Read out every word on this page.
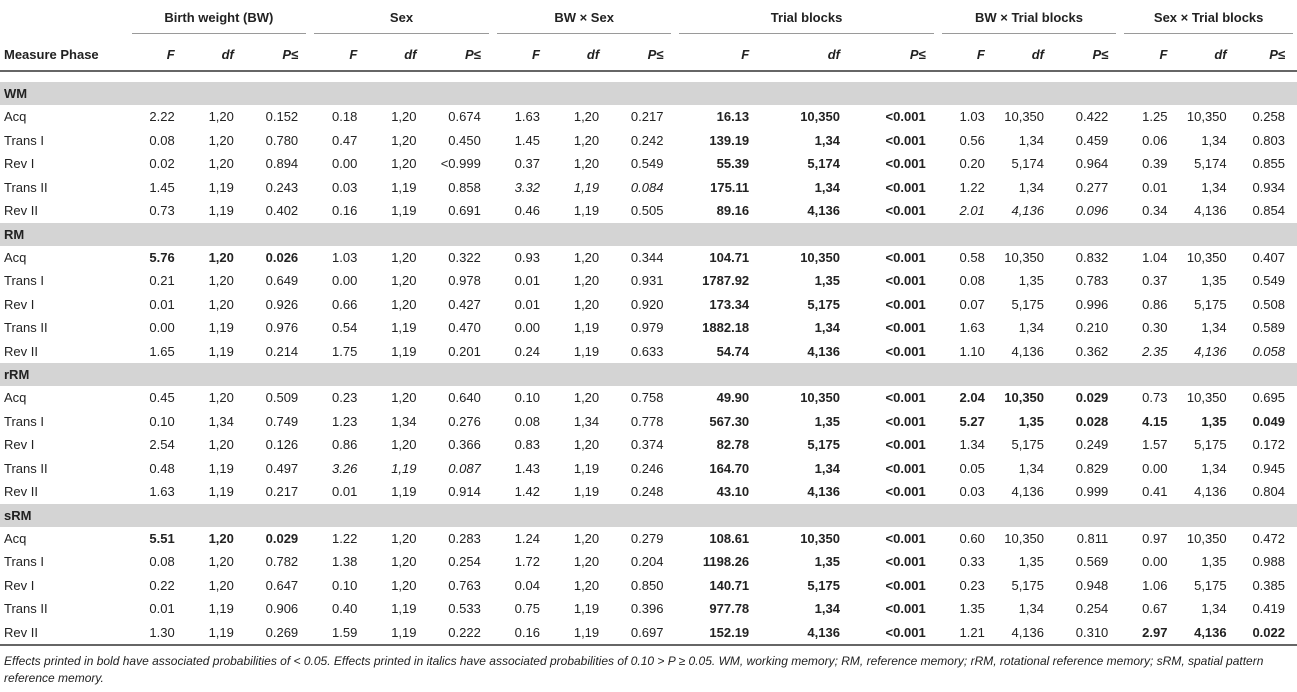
	Birth weight (BW)			Sex			BW × Sex			Trial blocks			BW × Trial blocks			Sex × Trial blocks		

Measure Phase	F	df	P≤	F	df	P≤	F	df	P≤	F	df	P≤	F	df	P≤	F	df	P≤

WM																		
Acq	2.22	1,20	0.152	0.18	1,20	0.674	1.63	1,20	0.217	16.13	10,350	<0.001	1.03	10,350	0.422	1.25	10,350	0.258
Trans I	0.08	1,20	0.780	0.47	1,20	0.450	1.45	1,20	0.242	139.19	1,34	<0.001	0.56	1,34	0.459	0.06	1,34	0.803
Rev I	0.02	1,20	0.894	0.00	1,20	<0.999	0.37	1,20	0.549	55.39	5,174	<0.001	0.20	5,174	0.964	0.39	5,174	0.855
Trans II	1.45	1,19	0.243	0.03	1,19	0.858	3.32	1,19	0.084	175.11	1,34	<0.001	1.22	1,34	0.277	0.01	1,34	0.934
Rev II	0.73	1,19	0.402	0.16	1,19	0.691	0.46	1,19	0.505	89.16	4,136	<0.001	2.01	4,136	0.096	0.34	4,136	0.854
RM																		
Acq	5.76	1,20	0.026	1.03	1,20	0.322	0.93	1,20	0.344	104.71	10,350	<0.001	0.58	10,350	0.832	1.04	10,350	0.407
Trans I	0.21	1,20	0.649	0.00	1,20	0.978	0.01	1,20	0.931	1787.92	1,35	<0.001	0.08	1,35	0.783	0.37	1,35	0.549
Rev I	0.01	1,20	0.926	0.66	1,20	0.427	0.01	1,20	0.920	173.34	5,175	<0.001	0.07	5,175	0.996	0.86	5,175	0.508
Trans II	0.00	1,19	0.976	0.54	1,19	0.470	0.00	1,19	0.979	1882.18	1,34	<0.001	1.63	1,34	0.210	0.30	1,34	0.589
Rev II	1.65	1,19	0.214	1.75	1,19	0.201	0.24	1,19	0.633	54.74	4,136	<0.001	1.10	4,136	0.362	2.35	4,136	0.058
rRM																		
Acq	0.45	1,20	0.509	0.23	1,20	0.640	0.10	1,20	0.758	49.90	10,350	<0.001	2.04	10,350	0.029	0.73	10,350	0.695
Trans I	0.10	1,34	0.749	1.23	1,34	0.276	0.08	1,34	0.778	567.30	1,35	<0.001	5.27	1,35	0.028	4.15	1,35	0.049
Rev I	2.54	1,20	0.126	0.86	1,20	0.366	0.83	1,20	0.374	82.78	5,175	<0.001	1.34	5,175	0.249	1.57	5,175	0.172
Trans II	0.48	1,19	0.497	3.26	1,19	0.087	1.43	1,19	0.246	164.70	1,34	<0.001	0.05	1,34	0.829	0.00	1,34	0.945
Rev II	1.63	1,19	0.217	0.01	1,19	0.914	1.42	1,19	0.248	43.10	4,136	<0.001	0.03	4,136	0.999	0.41	4,136	0.804
sRM																		
Acq	5.51	1,20	0.029	1.22	1,20	0.283	1.24	1,20	0.279	108.61	10,350	<0.001	0.60	10,350	0.811	0.97	10,350	0.472
Trans I	0.08	1,20	0.782	1.38	1,20	0.254	1.72	1,20	0.204	1198.26	1,35	<0.001	0.33	1,35	0.569	0.00	1,35	0.988
Rev I	0.22	1,20	0.647	0.10	1,20	0.763	0.04	1,20	0.850	140.71	5,175	<0.001	0.23	5,175	0.948	1.06	5,175	0.385
Trans II	0.01	1,19	0.906	0.40	1,19	0.533	0.75	1,19	0.396	977.78	1,34	<0.001	1.35	1,34	0.254	0.67	1,34	0.419
Rev II	1.30	1,19	0.269	1.59	1,19	0.222	0.16	1,19	0.697	152.19	4,136	<0.001	1.21	4,136	0.310	2.97	4,136	0.022
Effects printed in bold have associated probabilities of < 0.05. Effects printed in italics have associated probabilities of 0.10 > P ≥ 0.05. WM, working memory; RM, reference memory; rRM, rotational reference memory; sRM, spatial pattern reference memory.
